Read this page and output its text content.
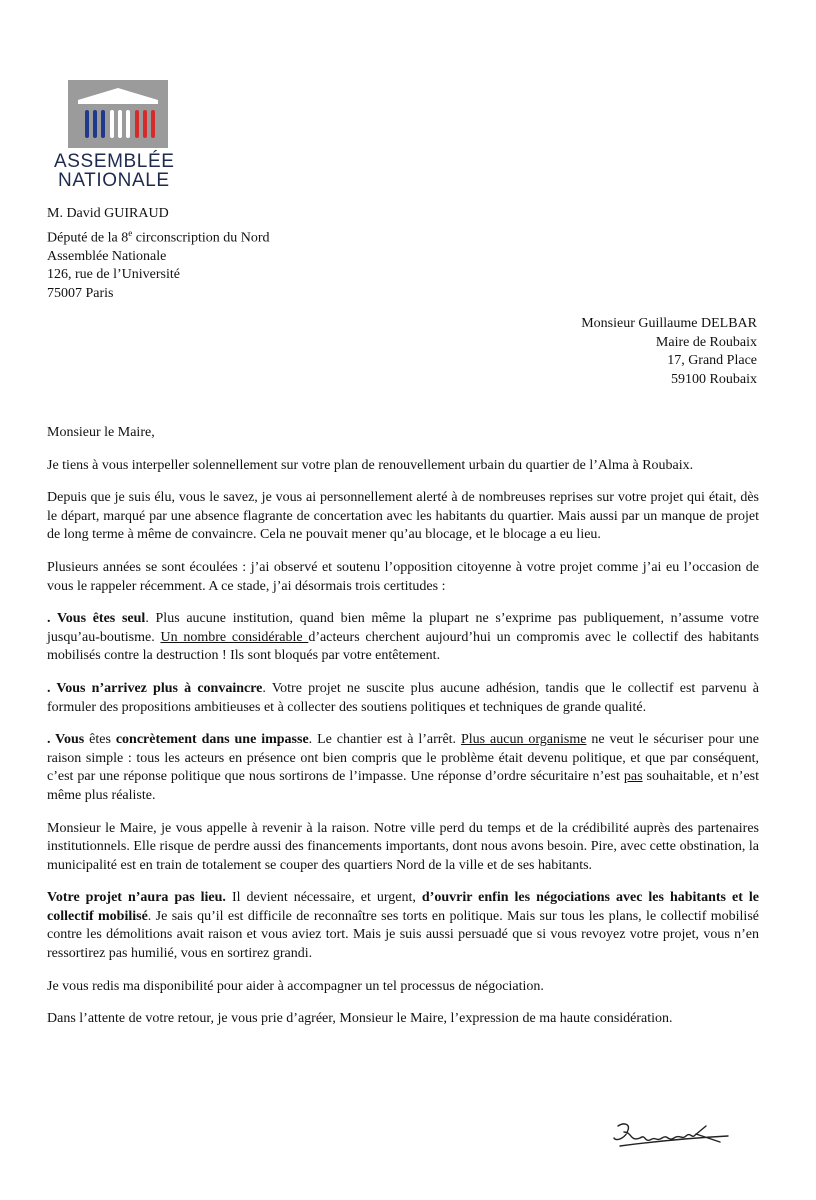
ASSEMBLÉE
NATIONALE
M. David GUIRAUD
Député de la 8e circonscription du Nord
Assemblée Nationale
126, rue de l’Université
75007 Paris
Monsieur Guillaume DELBAR
Maire de Roubaix
17, Grand Place
59100 Roubaix

Monsieur le Maire,

Je tiens à vous interpeller solennellement sur votre plan de renouvellement urbain du quartier de l’Alma à Roubaix.

Depuis que je suis élu, vous le savez, je vous ai personnellement alerté à de nombreuses reprises sur votre projet qui était, dès le départ, marqué par une absence flagrante de concertation avec les habitants du quartier. Mais aussi par un manque de projet de long terme à même de convaincre. Cela ne pouvait mener qu’au blocage, et le blocage a eu lieu.

Plusieurs années se sont écoulées : j’ai observé et soutenu l’opposition citoyenne à votre projet comme j’ai eu l’occasion de vous le rappeler récemment. A ce stade, j’ai désormais trois certitudes :

. Vous êtes seul. Plus aucune institution, quand bien même la plupart ne s’exprime pas publiquement, n’assume votre jusqu’au-boutisme. Un nombre considérable d’acteurs cherchent aujourd’hui un compromis avec le collectif des habitants mobilisés contre la destruction ! Ils sont bloqués par votre entêtement.

. Vous n’arrivez plus à convaincre. Votre projet ne suscite plus aucune adhésion, tandis que le collectif est parvenu à formuler des propositions ambitieuses et à collecter des soutiens politiques et techniques de grande qualité.

. Vous êtes concrètement dans une impasse. Le chantier est à l’arrêt. Plus aucun organisme ne veut le sécuriser pour une raison simple : tous les acteurs en présence ont bien compris que le problème était devenu politique, et que par conséquent, c’est par une réponse politique que nous sortirons de l’impasse. Une réponse d’ordre sécuritaire n’est pas souhaitable, et n’est même plus réaliste.

Monsieur le Maire, je vous appelle à revenir à la raison. Notre ville perd du temps et de la crédibilité auprès des partenaires institutionnels. Elle risque de perdre aussi des financements importants, dont nous avons besoin. Pire, avec cette obstination, la municipalité est en train de totalement se couper des quartiers Nord de la ville et de ses habitants.

Votre projet n’aura pas lieu. Il devient nécessaire, et urgent, d’ouvrir enfin les négociations avec les habitants et le collectif mobilisé. Je sais qu’il est difficile de reconnaître ses torts en politique. Mais sur tous les plans, le collectif mobilisé contre les démolitions avait raison et vous aviez tort. Mais je suis aussi persuadé que si vous revoyez votre projet, vous n’en ressortirez pas humilié, vous en sortirez grandi.

Je vous redis ma disponibilité pour aider à accompagner un tel processus de négociation.

Dans l’attente de votre retour, je vous prie d’agréer, Monsieur le Maire, l’expression de ma haute considération.
